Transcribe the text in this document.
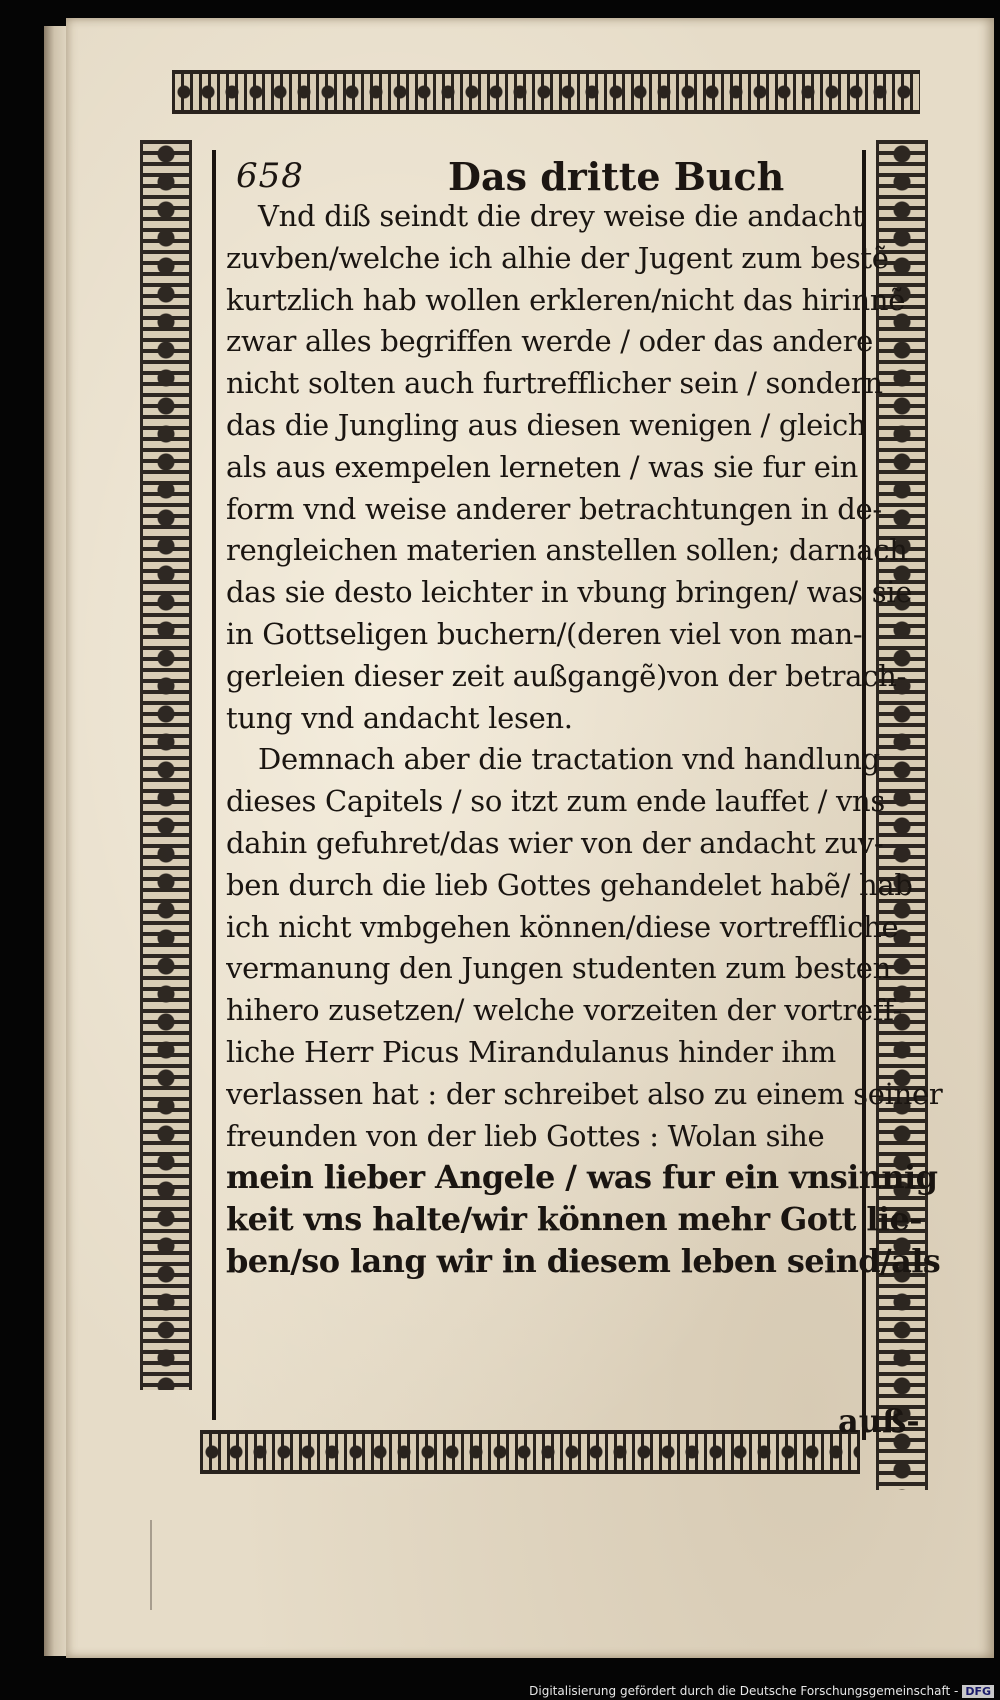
658	Das dritte Buch
Vnd diß seindt die drey weise die andacht
zuvben/welche ich alhie der Jugent zum bestẽ
kurtzlich hab wollen erkleren/nicht das hirinnẽ
zwar alles begriffen werde / oder das andere
nicht solten auch furtrefflicher sein / sondern
das die Jungling aus diesen wenigen / gleich
als aus exempelen lerneten / was sie fur ein
form vnd weise anderer betrachtungen in de-
rengleichen materien anstellen sollen; darnach
das sie desto leichter in vbung bringen/ was sie
in Gottseligen buchern/(deren viel von man-
gerleien dieser zeit außgangẽ)von der betrach-
tung vnd andacht lesen.
Demnach aber die tractation vnd handlung
dieses Capitels / so itzt zum ende lauffet / vns
dahin gefuhret/das wier von der andacht zuv-
ben durch die lieb Gottes gehandelet habẽ/ hab
ich nicht vmbgehen können/diese vortreffliche
vermanung den Jungen studenten zum besten
hihero zusetzen/ welche vorzeiten der vortreff-
liche Herr Picus Mirandulanus hinder ihm
verlassen hat : der schreibet also zu einem seiner
freunden von der lieb Gottes : Wolan sihe
mein lieber Angele / was fur ein vnsinnig
keit vns halte/wir können mehr Gott lie-
ben/so lang wir in diesem leben seind/als
auß-
Digitalisierung gefördert durch die Deutsche Forschungsgemeinschaft - DFG
